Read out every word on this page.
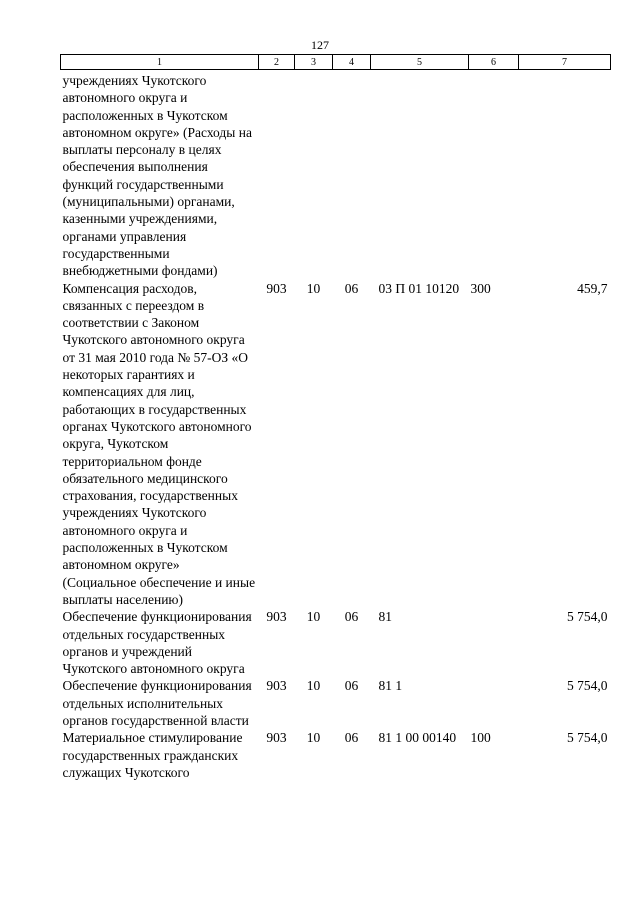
127
1	2	3	4	5	6	7
учреждениях Чукотского автономного округа и расположенных в Чукотском автономном округе» (Расходы на выплаты персоналу в целях обеспечения выполнения функций государственными (муниципальными) органами, казенными учреждениями, органами управления государственными внебюджетными фондами)						
Компенсация расходов, связанных с переездом в соответствии с Законом Чукотского автономного округа от 31 мая 2010 года № 57-ОЗ «О некоторых гарантиях и компенсациях для лиц, работающих в государственных органах Чукотского автономного округа, Чукотском территориальном фонде обязательного медицинского страхования, государственных учреждениях Чукотского автономного округа и расположенных в Чукотском автономном округе» (Социальное обеспечение и иные выплаты населению)	903	10	06	03 П 01 10120	300	459,7
Обеспечение функционирования отдельных государственных органов и учреждений Чукотского автономного округа	903	10	06	81		5 754,0
Обеспечение функционирования отдельных исполнительных органов государственной власти	903	10	06	81 1		5 754,0
Материальное стимулирование государственных гражданских служащих Чукотского	903	10	06	81 1 00 00140	100	5 754,0
